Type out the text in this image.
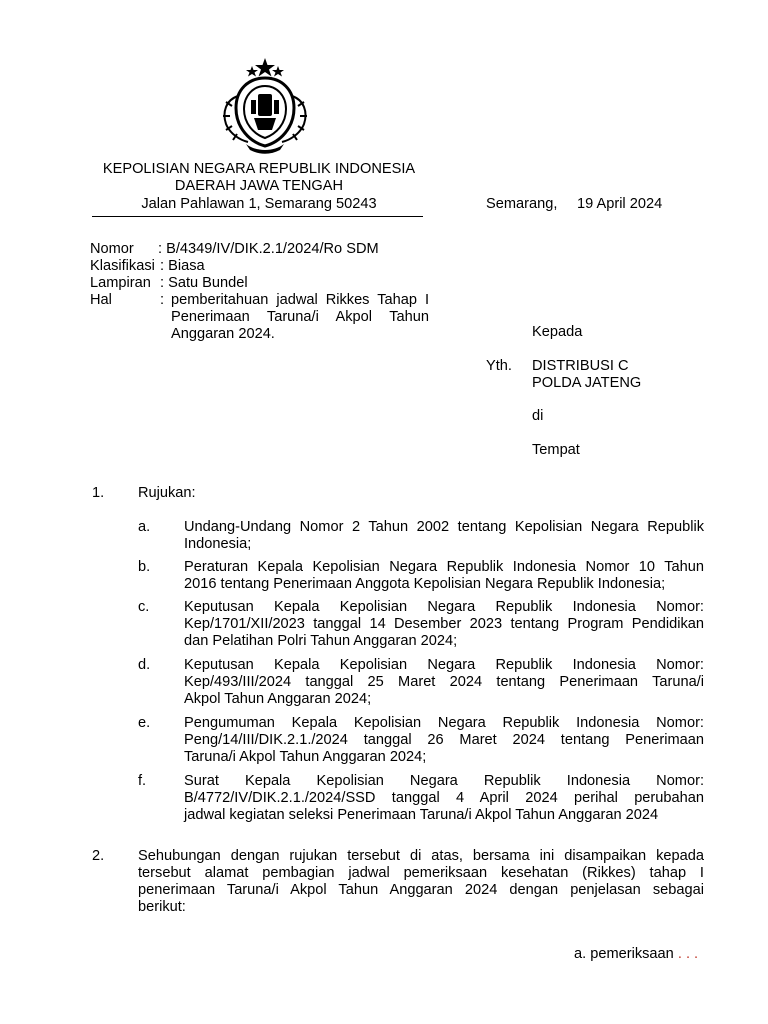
KEPOLISIAN NEGARA REPUBLIK INDONESIA
DAERAH JAWA TENGAH
Jalan Pahlawan 1, Semarang 50243	Semarang, 19 April 2024
Nomor : B/4349/IV/DIK.2.1/2024/Ro SDM
Klasifikasi : Biasa
Lampiran : Satu Bundel
Hal	: pemberitahuan jadwal Rikkes Tahap I
Penerimaan Taruna/i Akpol Tahun
Anggaran 2024.	Kepada
Yth. DISTRIBUSI C
POLDA JATENG
di
Tempat
1. Rujukan:
a. Undang-Undang Nomor 2 Tahun 2002 tentang Kepolisian Negara Republik
Indonesia;
b. Peraturan Kepala Kepolisian Negara Republik Indonesia Nomor 10 Tahun
2016 tentang Penerimaan Anggota Kepolisian Negara Republik Indonesia;
c. Keputusan Kepala Kepolisian Negara Republik Indonesia Nomor:
Kep/1701/XII/2023 tanggal 14 Desember 2023 tentang Program Pendidikan
dan Pelatihan Polri Tahun Anggaran 2024;
d. Keputusan Kepala Kepolisian Negara Republik Indonesia Nomor:
Kep/493/III/2024 tanggal 25 Maret 2024 tentang Penerimaan Taruna/i
Akpol Tahun Anggaran 2024;
e. Pengumuman Kepala Kepolisian Negara Republik Indonesia Nomor:
Peng/14/III/DIK.2.1./2024 tanggal 26 Maret 2024 tentang Penerimaan
Taruna/i Akpol Tahun Anggaran 2024;
f.	Surat Kepala Kepolisian Negara Republik Indonesia Nomor:
B/4772/IV/DIK.2.1./2024/SSD tanggal 4 April 2024 perihal perubahan
jadwal kegiatan seleksi Penerimaan Taruna/i Akpol Tahun Anggaran 2024
2. Sehubungan dengan rujukan tersebut di atas, bersama ini disampaikan kepada
tersebut alamat pembagian jadwal pemeriksaan kesehatan (Rikkes) tahap I
penerimaan Taruna/i Akpol Tahun Anggaran 2024 dengan penjelasan sebagai
berikut:
a. pemeriksaan . . .
